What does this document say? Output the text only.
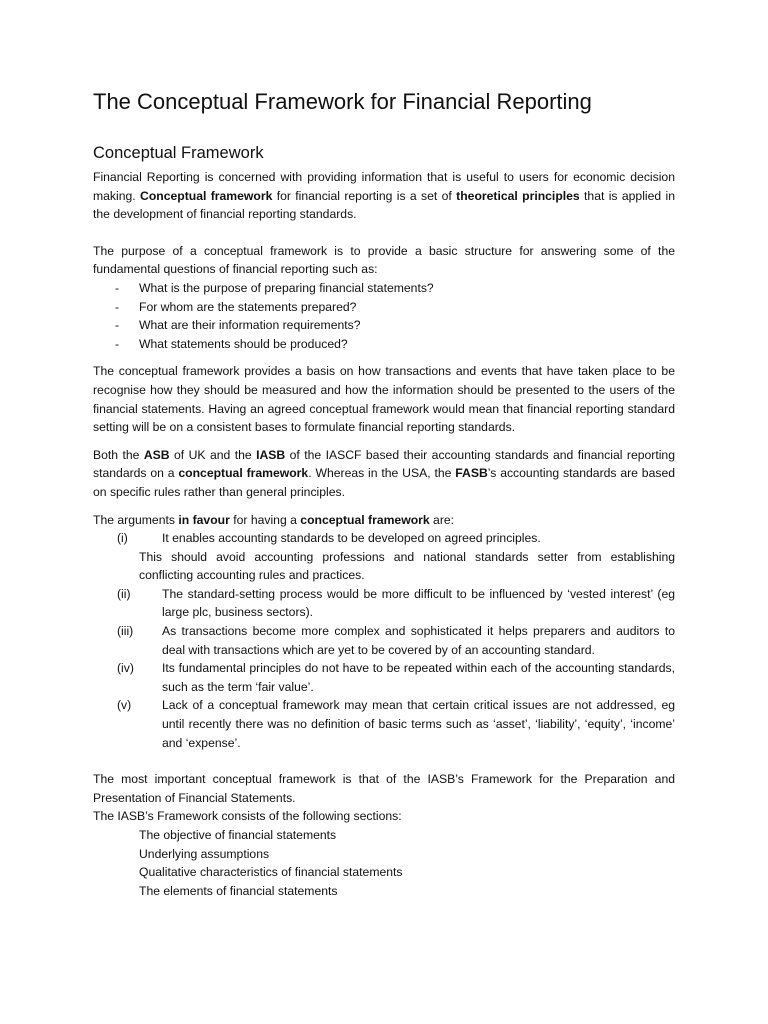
The Conceptual Framework for Financial Reporting
Conceptual Framework

Financial Reporting is concerned with providing information that is useful to users for economic decision making. Conceptual framework for financial reporting is a set of theoretical principles that is applied in the development of financial reporting standards.

The purpose of a conceptual framework is to provide a basic structure for answering some of the fundamental questions of financial reporting such as:

- What is the purpose of preparing financial statements?
- For whom are the statements prepared?
- What are their information requirements?
- What statements should be produced?

The conceptual framework provides a basis on how transactions and events that have taken place to be recognise how they should be measured and how the information should be presented to the users of the financial statements. Having an agreed conceptual framework would mean that financial reporting standard setting will be on a consistent bases to formulate financial reporting standards.

Both the ASB of UK and the IASB of the IASCF based their accounting standards and financial reporting standards on a conceptual framework. Whereas in the USA, the FASB’s accounting standards are based on specific rules rather than general principles.

The arguments in favour for having a conceptual framework are:

(i)	It enables accounting standards to be developed on agreed principles.
This should avoid accounting professions and national standards setter from establishing conflicting accounting rules and practices.
(ii)	The standard-setting process would be more difficult to be influenced by ‘vested interest’ (eg large plc, business sectors).
(iii) As transactions become more complex and sophisticated it helps preparers and auditors to deal with transactions which are yet to be covered by of an accounting standard.
(iv) Its fundamental principles do not have to be repeated within each of the accounting standards, such as the term ‘fair value’.
(v)	Lack of a conceptual framework may mean that certain critical issues are not addressed, eg until recently there was no definition of basic terms such as ‘asset’, ‘liability’, ‘equity’, ‘income’ and ‘expense’.

The most important conceptual framework is that of the IASB’s Framework for the Preparation and Presentation of Financial Statements.

The IASB’s Framework consists of the following sections:

The objective of financial statements
Underlying assumptions
Qualitative characteristics of financial statements
The elements of financial statements
